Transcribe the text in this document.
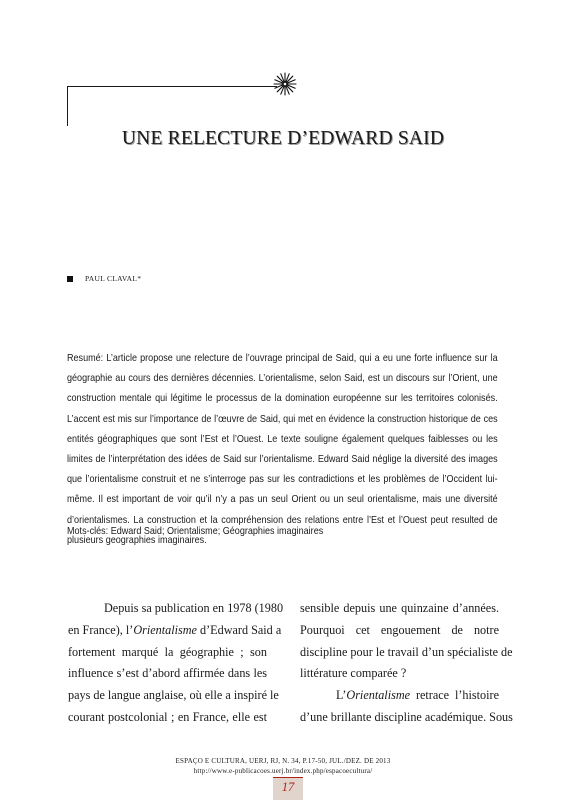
UNE RELECTURE D’EDWARD SAID
PAUL CLAVAL*
Resumé: L’article propose une relecture de l’ouvrage principal de Said, qui a eu une forte influence sur la géographie au cours des dernières décennies. L’orientalisme, selon Said, est un discours sur l’Orient, une construction mentale qui légitime le processus de la domination européenne sur les territoires colonisés. L’accent est mis sur l’importance de l’œuvre de Said, qui met en évidence la construction historique de ces entités géographiques que sont l’Est et l’Ouest. Le texte souligne également quelques faiblesses ou les limites de l’interprétation des idées de Said sur l’orientalisme. Edward Said néglige la diversité des images que l’orientalisme construit et ne s’interroge pas sur les contradictions et les problèmes de l’Occident lui-même. Il est important de voir qu’il n’y a pas un seul Orient ou un seul orientalisme, mais une diversité d’orientalismes. La construction et la compréhension des relations entre l’Est et l’Ouest peut resulted de plusieurs geographies imaginaires.
Mots-clés: Edward Said; Orientalisme; Géographies imaginaires
Depuis sa publication en 1978 (1980
en France), l’Orientalisme d’Edward Said a
fortement marqué la géographie ; son
influence s’est d’abord affirmée dans les
pays de langue anglaise, où elle a inspiré le
courant postcolonial ; en France, elle est
sensible depuis une quinzaine d’années.
Pourquoi cet engouement de notre
discipline pour le travail d’un spécialiste de
littérature comparée ?
L’Orientalisme retrace l’histoire
d’une brillante discipline académique. Sous
ESPAÇO E CULTURA, UERJ, RJ, N. 34, P.17-50, JUL./DEZ. DE 2013
http://www.e-publicacoes.uerj.br/index.php/espacoecultura/
17
